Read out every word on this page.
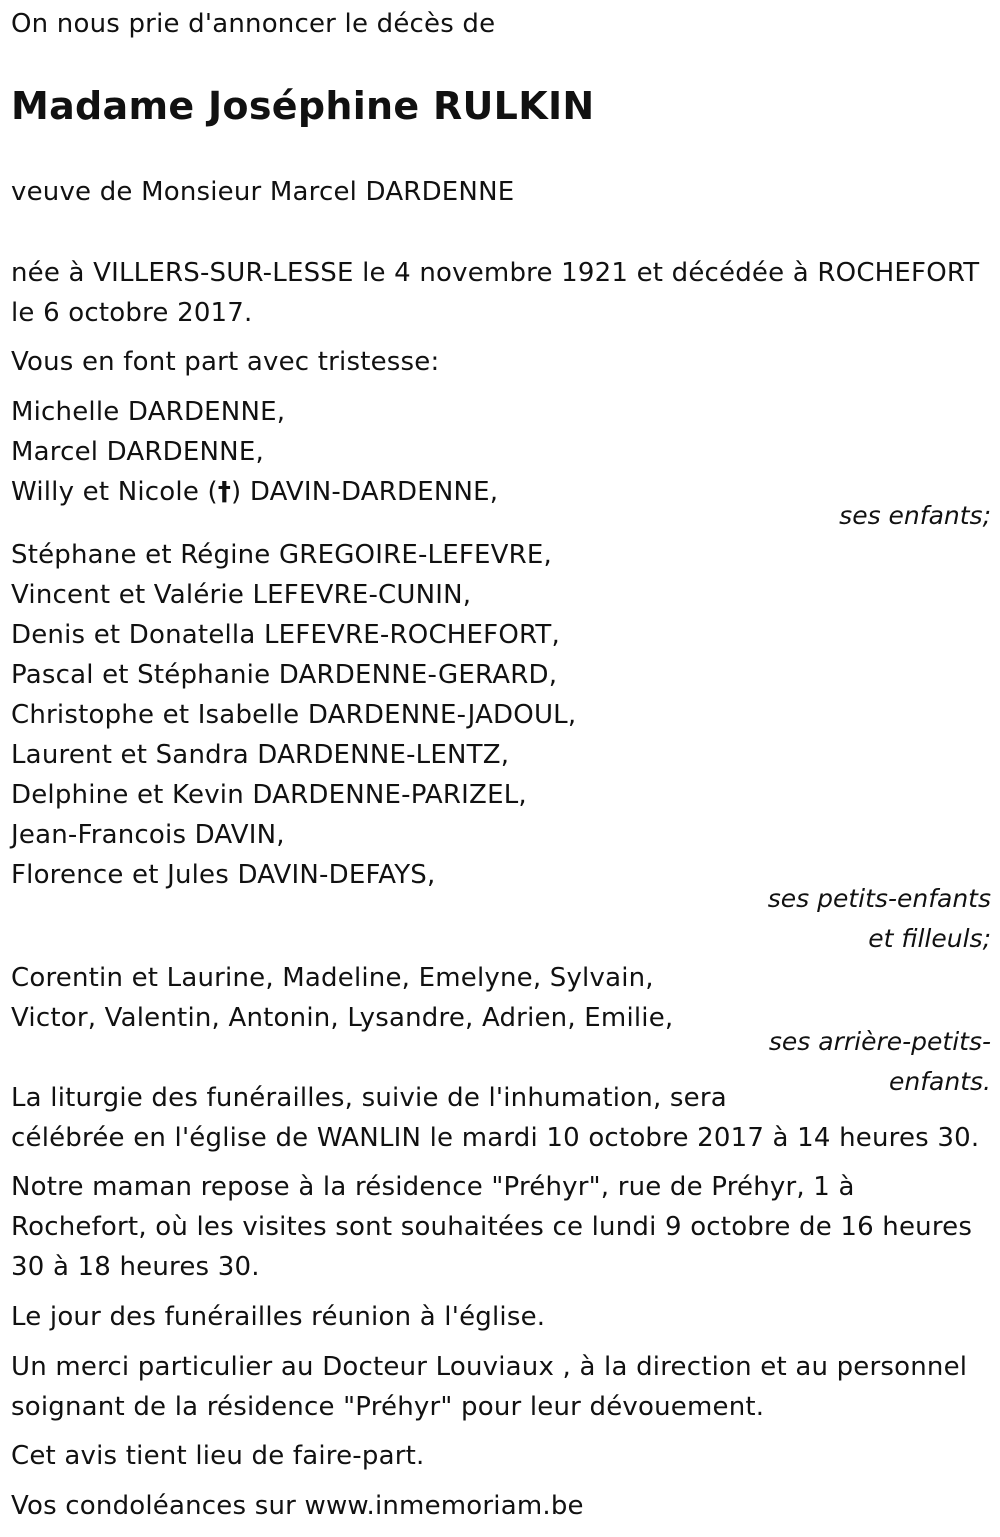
On nous prie d'annoncer le décès de
Madame Joséphine RULKIN
veuve de Monsieur Marcel DARDENNE
née à VILLERS-SUR-LESSE le 4 novembre 1921 et décédée à ROCHEFORT
le 6 octobre 2017.
Vous en font part avec tristesse:
Michelle DARDENNE,
Marcel DARDENNE,
Willy et Nicole (†) DAVIN-DARDENNE,
ses enfants;
Stéphane et Régine GREGOIRE-LEFEVRE,
Vincent et Valérie LEFEVRE-CUNIN,
Denis et Donatella LEFEVRE-ROCHEFORT,
Pascal et Stéphanie DARDENNE-GERARD,
Christophe et Isabelle DARDENNE-JADOUL,
Laurent et Sandra DARDENNE-LENTZ,
Delphine et Kevin DARDENNE-PARIZEL,
Jean-Francois DAVIN,
Florence et Jules DAVIN-DEFAYS,
ses petits-enfants
et filleuls;
Corentin et Laurine, Madeline, Emelyne, Sylvain,
Victor, Valentin, Antonin, Lysandre, Adrien, Emilie,
ses arrière-petits-
enfants.
La liturgie des funérailles, suivie de l'inhumation, sera
célébrée en l'église de WANLIN le mardi 10 octobre 2017 à 14 heures 30.
Notre maman repose à la résidence "Préhyr", rue de Préhyr, 1 à
Rochefort, où les visites sont souhaitées ce lundi 9 octobre de 16 heures
30 à 18 heures 30.
Le jour des funérailles réunion à l'église.
Un merci particulier au Docteur Louviaux , à la direction et au personnel
soignant de la résidence "Préhyr" pour leur dévouement.
Cet avis tient lieu de faire-part.
Vos condoléances sur www.inmemoriam.be
